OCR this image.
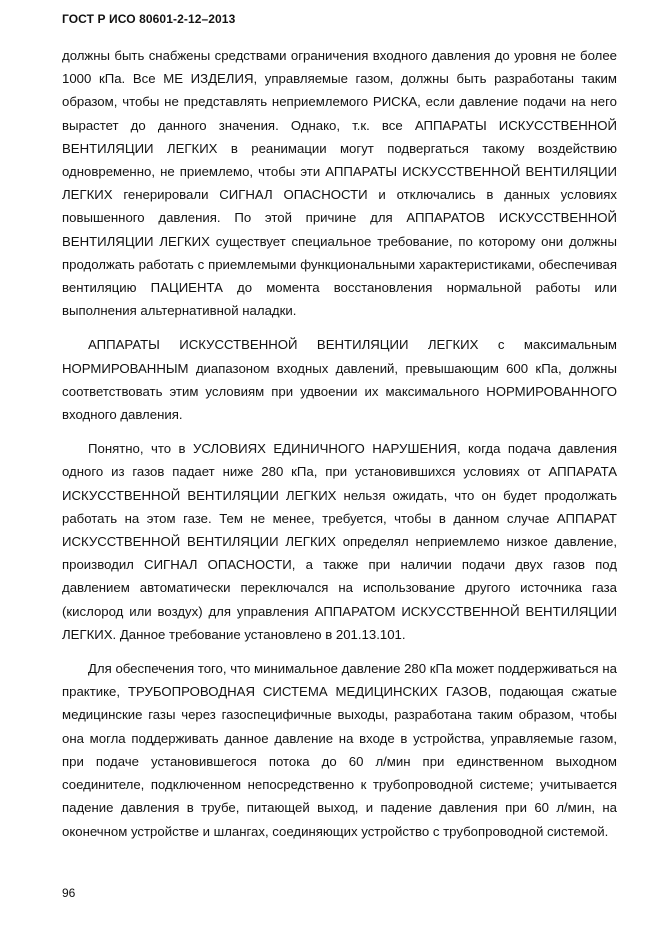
ГОСТ Р ИСО 80601-2-12–2013

должны быть снабжены средствами ограничения входного давления до уровня не более 1000 кПа. Все МЕ ИЗДЕЛИЯ, управляемые газом, должны быть разработаны таким образом, чтобы не представлять неприемлемого РИСКА, если давление подачи на него вырастет до данного значения. Однако, т.к. все АППАРАТЫ ИСКУССТВЕННОЙ ВЕНТИЛЯЦИИ ЛЕГКИХ в реанимации могут подвергаться такому воздействию одновременно, не приемлемо, чтобы эти АППАРАТЫ ИСКУССТВЕННОЙ ВЕНТИЛЯЦИИ ЛЕГКИХ генерировали СИГНАЛ ОПАСНОСТИ и отключались в данных условиях повышенного давления. По этой причине для АППАРАТОВ ИСКУССТВЕННОЙ ВЕНТИЛЯЦИИ ЛЕГКИХ существует специальное требование, по которому они должны продолжать работать с приемлемыми функциональными характеристиками, обеспечивая вентиляцию ПАЦИЕНТА до момента восстановления нормальной работы или выполнения альтернативной наладки.

АППАРАТЫ ИСКУССТВЕННОЙ ВЕНТИЛЯЦИИ ЛЕГКИХ с максимальным НОРМИРОВАННЫМ диапазоном входных давлений, превышающим 600 кПа, должны соответствовать этим условиям при удвоении их максимального НОРМИРОВАННОГО входного давления.

Понятно, что в УСЛОВИЯХ ЕДИНИЧНОГО НАРУШЕНИЯ, когда подача давления одного из газов падает ниже 280 кПа, при установившихся условиях от АППАРАТА ИСКУССТВЕННОЙ ВЕНТИЛЯЦИИ ЛЕГКИХ нельзя ожидать, что он будет продолжать работать на этом газе. Тем не менее, требуется, чтобы в данном случае АППАРАТ ИСКУССТВЕННОЙ ВЕНТИЛЯЦИИ ЛЕГКИХ определял неприемлемо низкое давление, производил СИГНАЛ ОПАСНОСТИ, а также при наличии подачи двух газов под давлением автоматически переключался на использование другого источника газа (кислород или воздух) для управления АППАРАТОМ ИСКУССТВЕННОЙ ВЕНТИЛЯЦИИ ЛЕГКИХ. Данное требование установлено в 201.13.101.

Для обеспечения того, что минимальное давление 280 кПа может поддерживаться на практике, ТРУБОПРОВОДНАЯ СИСТЕМА МЕДИЦИНСКИХ ГАЗОВ, подающая сжатые медицинские газы через газоспецифичные выходы, разработана таким образом, чтобы она могла поддерживать данное давление на входе в устройства, управляемые газом, при подаче установившегося потока до 60 л/мин при единственном выходном соединителе, подключенном непосредственно к трубопроводной системе; учитывается падение давления в трубе, питающей выход, и падение давления при 60 л/мин, на оконечном устройстве и шлангах, соединяющих устройство с трубопроводной системой.

96
